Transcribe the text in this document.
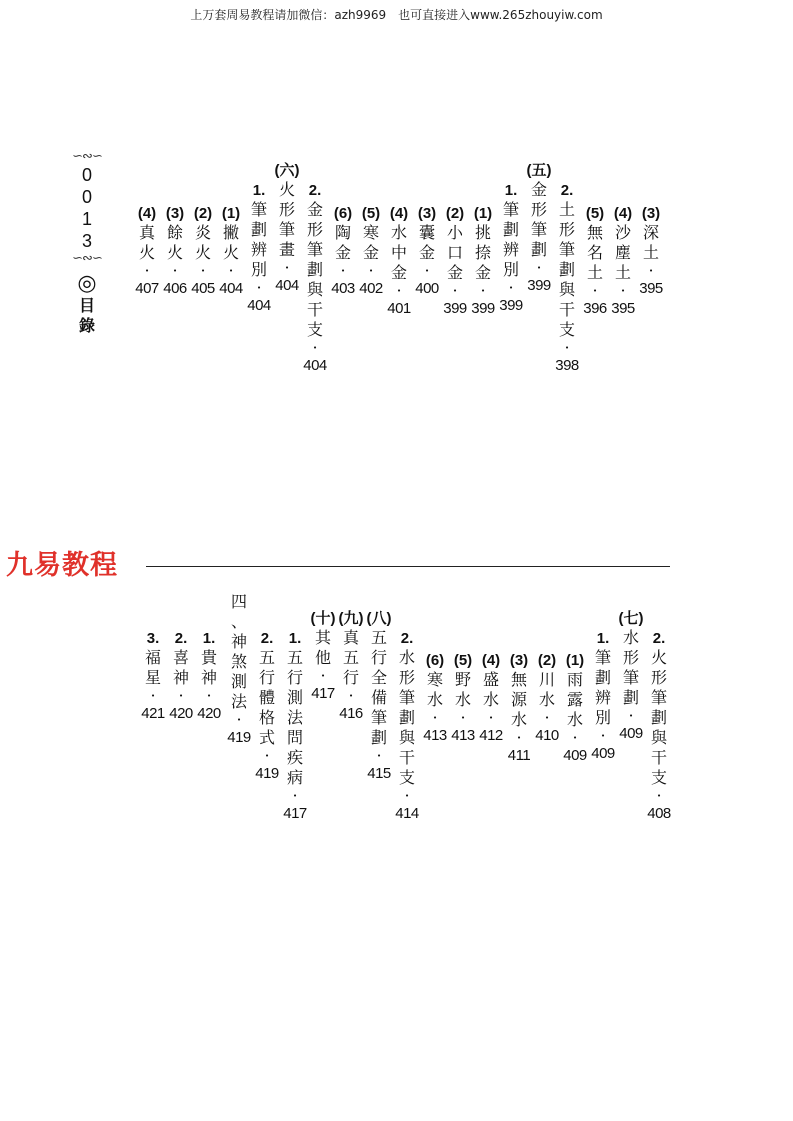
上万套周易教程请加微信：azh9969　也可直接进入www.265zhouyiw.com
∽∾∽
0
0
1
3
∽∾∽
◎
目
錄
(3)
深
土
·
395
(4)
沙
塵
土
·
395
(5)
無
名
土
·
396
2.
土
形
筆
劃
與
干
支
·
398
(五)
金
形
筆
劃
·
399
1.
筆
劃
辨
別
·
399
(1)
挑
捺
金
·
399
(2)
小
口
金
·
399
(3)
囊
金
·
400
(4)
水
中
金
·
401
(5)
寒
金
·
402
(6)
陶
金
·
403
2.
金
形
筆
劃
與
干
支
·
404
(六)
火
形
筆
畫
·
404
1.
筆
劃
辨
別
·
404
(1)
撇
火
·
404
(2)
炎
火
·
405
(3)
餘
火
·
406
(4)
真
火
·
407
九易教程
2.
火
形
筆
劃
與
干
支
·
408
(七)
水
形
筆
劃
·
409
1.
筆
劃
辨
別
·
409
(1)
雨
露
水
·
409
(2)
川
水
·
410
(3)
無
源
水
·
411
(4)
盛
水
·
412
(5)
野
水
·
413
(6)
寒
水
·
413
2.
水
形
筆
劃
與
干
支
·
414
(八)
五
行
全
備
筆
劃
·
415
(九)
真
五
行
·
416
(十)
其
他
·
417
1.
五
行
測
法
問
疾
病
·
417
2.
五
行
體
格
式
·
419
四
、
神
煞
測
法
·
419
1.
貴
神
·
420
2.
喜
神
·
420
3.
福
星
·
421
